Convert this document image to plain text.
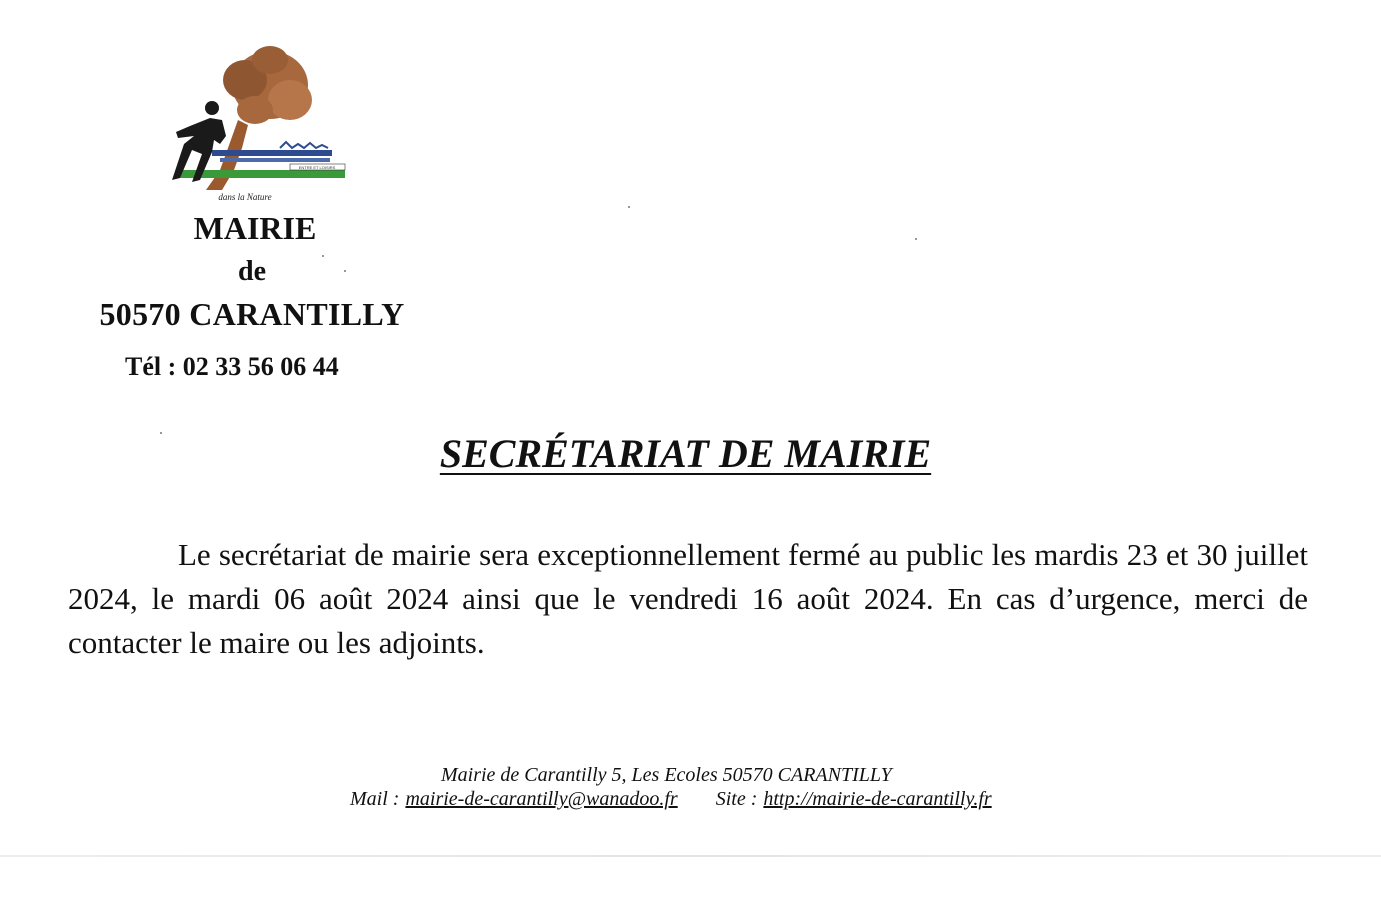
ENTRE ET LOISIRS
dans la Nature
MAIRIE
de
50570 CARANTILLY
Tél : 02 33 56 06 44
SECRÉTARIAT DE MAIRIE
Le secrétariat de mairie sera exceptionnellement fermé au public les mardis 23 et 30 juillet 2024, le mardi 06 août 2024 ainsi que le vendredi 16 août 2024. En cas d’urgence, merci de contacter le maire ou les adjoints.
Mairie de Carantilly 5, Les Ecoles 50570 CARANTILLY
Mail : mairie-de-carantilly@wanadoo.fr Site : http://mairie-de-carantilly.fr
